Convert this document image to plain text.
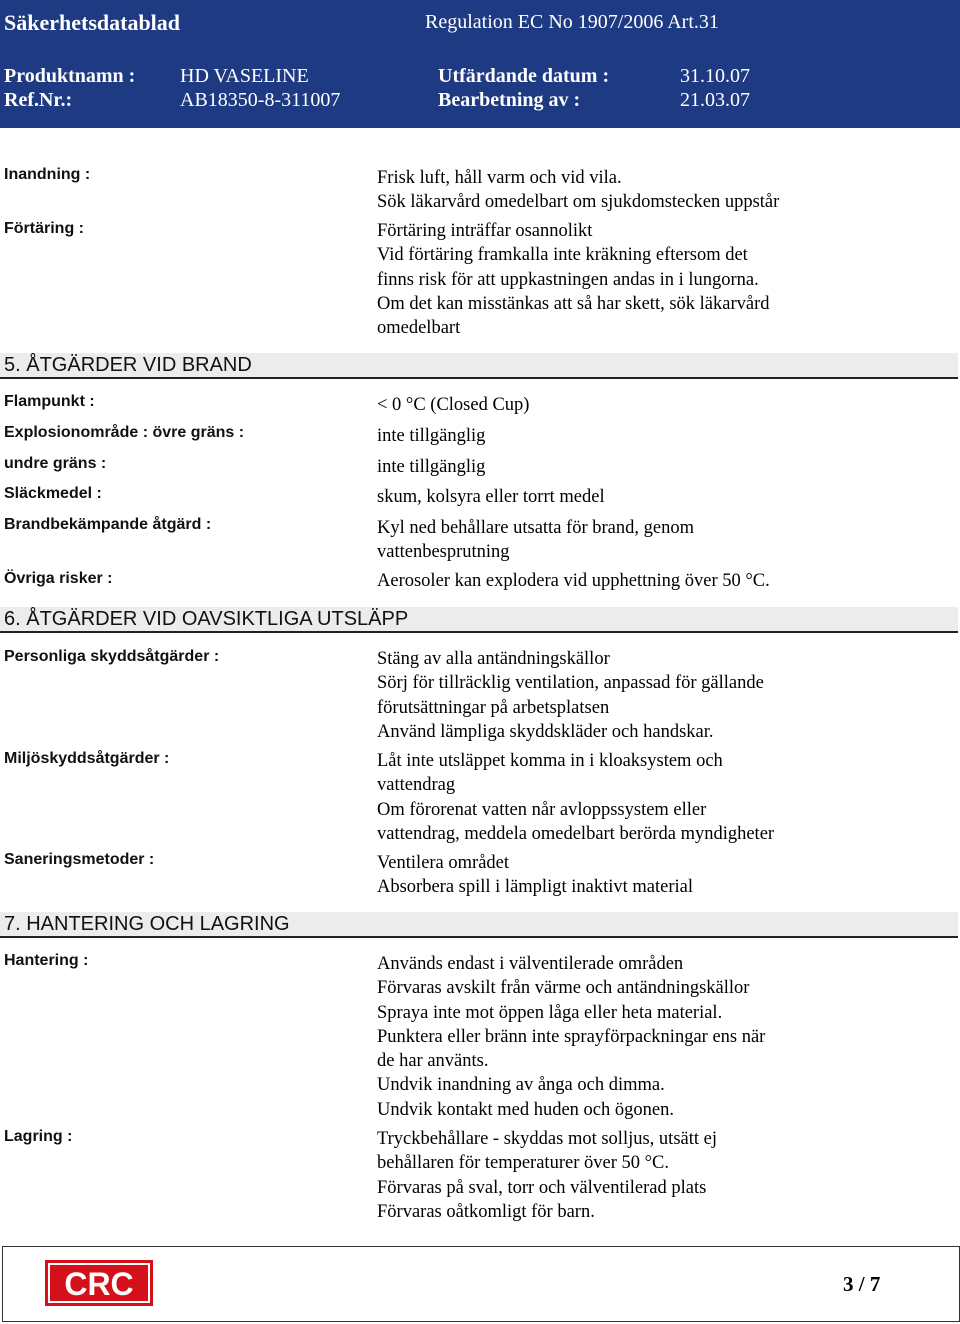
Säkerhetsdatablad	Regulation EC No 1907/2006 Art.31
Produktnamn : HD VASELINE	Utfärdande datum :	31.10.07
Ref.Nr.:	AB18350-8-311007	Bearbetning av :	21.03.07
Inandning :	Frisk luft, håll varm och vid vila.
Sök läkarvård omedelbart om sjukdomstecken uppstår
Förtäring :	Förtäring inträffar osannolikt
Vid förtäring framkalla inte kräkning eftersom det
finns risk för att uppkastningen andas in i lungorna.
Om det kan misstänkas att så har skett, sök läkarvård
omedelbart
5. ÅTGÄRDER VID BRAND
Flampunkt :	< 0 °C (Closed Cup)
Explosionområde : övre gräns :	inte tillgänglig
undre gräns :	inte tillgänglig
Släckmedel :	skum, kolsyra eller torrt medel
Brandbekämpande åtgärd :	Kyl ned behållare utsatta för brand, genom
vattenbesprutning
Övriga risker :	Aerosoler kan explodera vid upphettning över 50 °C.
6. ÅTGÄRDER VID OAVSIKTLIGA UTSLÄPP
Personliga skyddsåtgärder :	Stäng av alla antändningskällor
Sörj för tillräcklig ventilation, anpassad för gällande
förutsättningar på arbetsplatsen
Använd lämpliga skyddskläder och handskar.
Miljöskyddsåtgärder :	Låt inte utsläppet komma in i kloaksystem och
vattendrag
Om förorenat vatten når avloppssystem eller
vattendrag, meddela omedelbart berörda myndigheter
Saneringsmetoder :	Ventilera området
Absorbera spill i lämpligt inaktivt material
7. HANTERING OCH LAGRING
Hantering :	Används endast i välventilerade områden
Förvaras avskilt från värme och antändningskällor
Spraya inte mot öppen låga eller heta material.
Punktera eller bränn inte sprayförpackningar ens när
de har använts.
Undvik inandning av ånga och dimma.
Undvik kontakt med huden och ögonen.
Lagring :	Tryckbehållare - skyddas mot solljus, utsätt ej
behållaren för temperaturer över 50 °C.
Förvaras på sval, torr och välventilerad plats
Förvaras oåtkomligt för barn.
CRC	CRC Industries Europe bvba
Touwslagerstraat 1, 9240 Zele – Belgium
Tel (+32) (0) 52 / 45 60 11 – Fax (+32) (0) 52 / 45 00 34 – www.crcind.com
3 / 7
